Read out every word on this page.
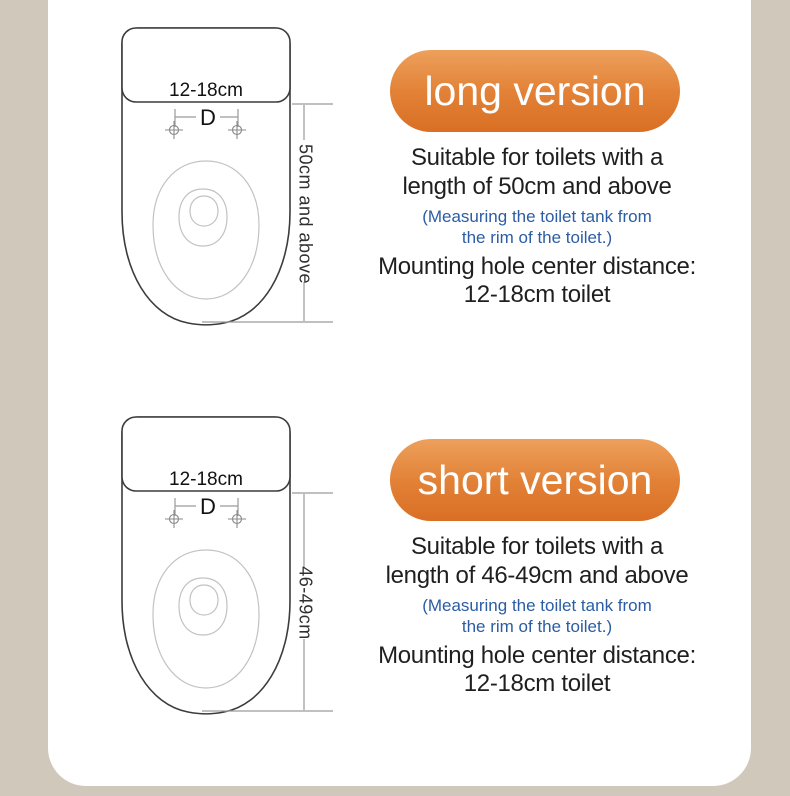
12-18cm
D
50cm and above
long version
Suitable for toilets with a
length of 50cm and above
(Measuring the toilet tank from
the rim of the toilet.)
Mounting hole center distance:
12-18cm toilet
12-18cm
D
46-49cm
short version
Suitable for toilets with a
length of 46-49cm and above
(Measuring the toilet tank from
the rim of the toilet.)
Mounting hole center distance:
12-18cm toilet
